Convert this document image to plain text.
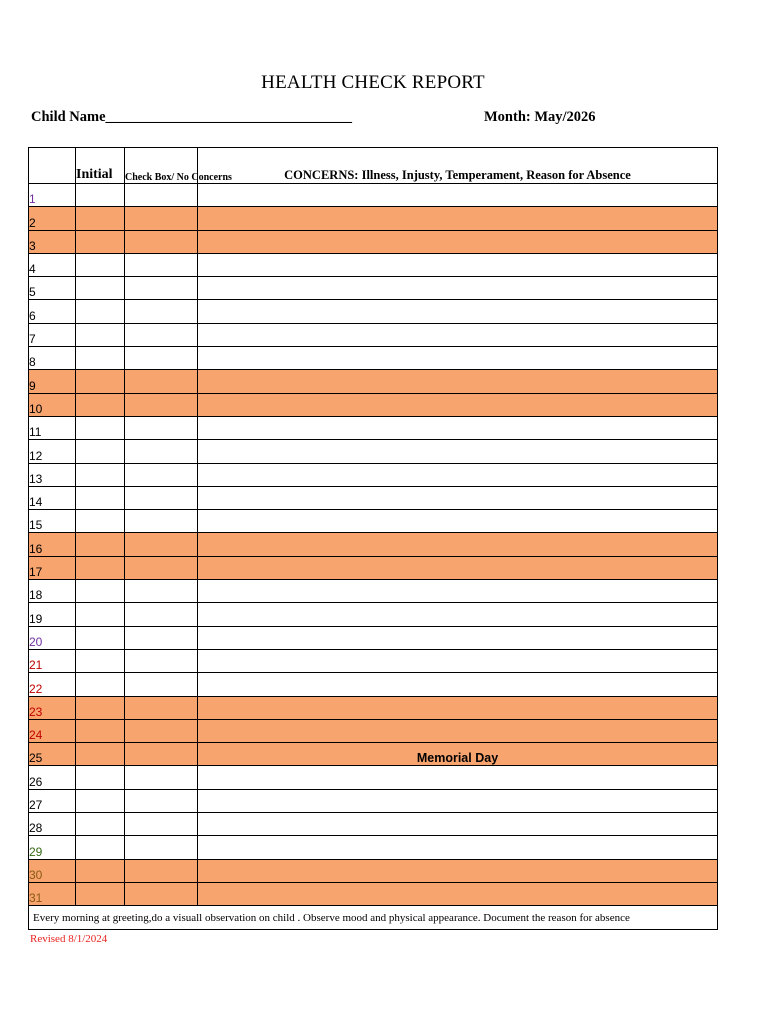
HEALTH CHECK REPORT
Child Name__________________________________	Month: May/2026
	Initial	Check Box/ No Concerns	CONCERNS: Illness, Injusty, Temperament, Reason for Absence
1			
2			
3			
4			
5			
6			
7			
8			
9			
10			
11			
12			
13			
14			
15			
16			
17			
18			
19			
20			
21			
22			
23			
24			
25			Memorial Day
26			
27			
28			
29			
30			
31			
Every morning at greeting,do a visuall observation on child . Observe mood and physical appearance. Document the reason for absence			
Revised 8/1/2024
